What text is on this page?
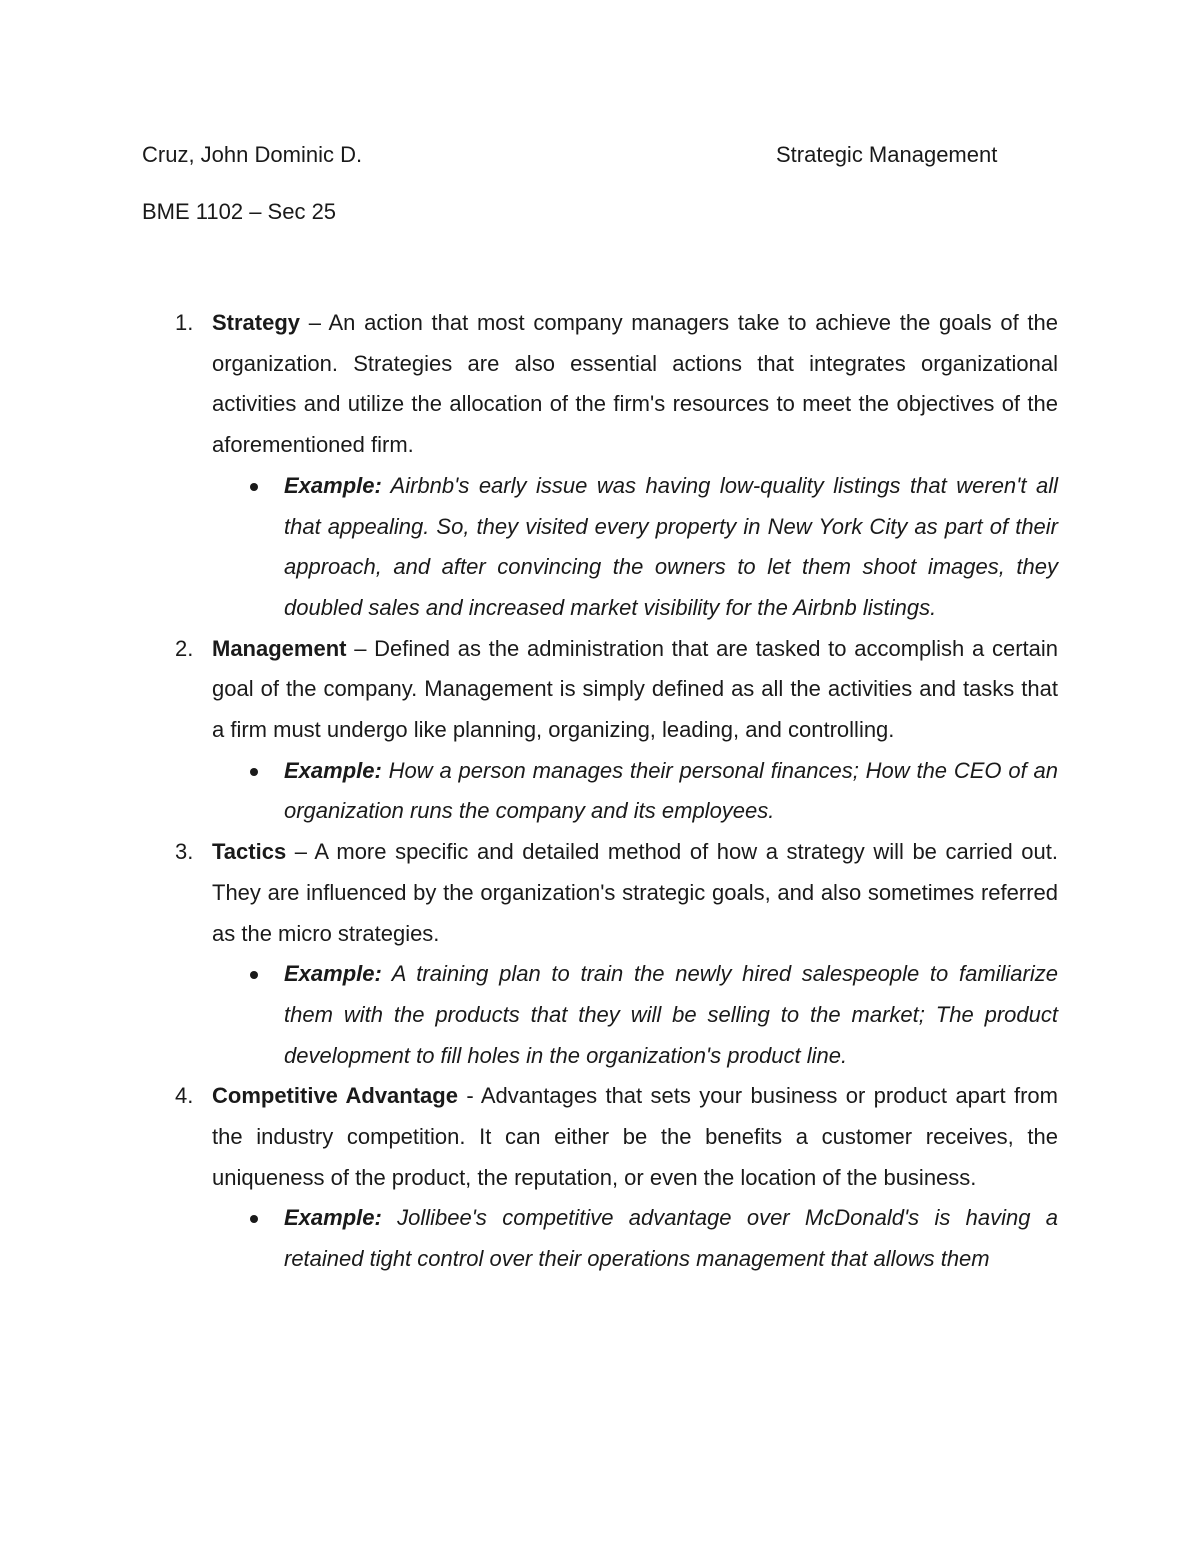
Cruz, John Dominic D.	Strategic Management
BME 1102 – Sec 25
1. Strategy – An action that most company managers take to achieve the goals of the organization. Strategies are also essential actions that integrates organizational activities and utilize the allocation of the firm's resources to meet the objectives of the aforementioned firm.
Example: Airbnb's early issue was having low-quality listings that weren't all that appealing. So, they visited every property in New York City as part of their approach, and after convincing the owners to let them shoot images, they doubled sales and increased market visibility for the Airbnb listings.
2. Management – Defined as the administration that are tasked to accomplish a certain goal of the company. Management is simply defined as all the activities and tasks that a firm must undergo like planning, organizing, leading, and controlling.
Example: How a person manages their personal finances; How the CEO of an organization runs the company and its employees.
3. Tactics – A more specific and detailed method of how a strategy will be carried out. They are influenced by the organization's strategic goals, and also sometimes referred as the micro strategies.
Example: A training plan to train the newly hired salespeople to familiarize them with the products that they will be selling to the market; The product development to fill holes in the organization's product line.
4. Competitive Advantage - Advantages that sets your business or product apart from the industry competition. It can either be the benefits a customer receives, the uniqueness of the product, the reputation, or even the location of the business.
Example: Jollibee's competitive advantage over McDonald's is having a retained tight control over their operations management that allows them
